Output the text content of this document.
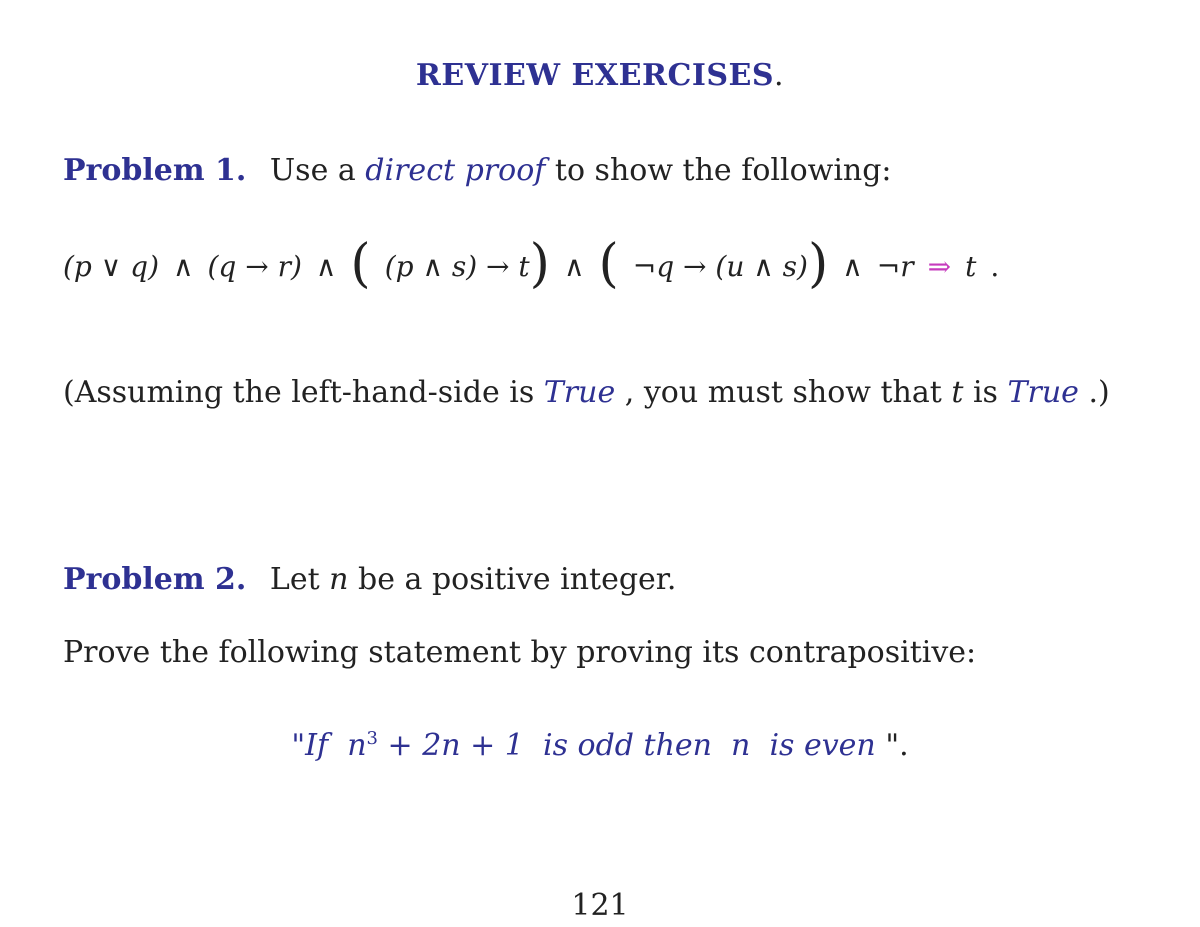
REVIEW EXERCISES.
Problem 1. Use a direct proof to show the following:
(p ∨ q) ∧ (q → r) ∧ ( (p ∧ s) → t ) ∧ ( ¬q → (u ∧ s) ) ∧ ¬r ⇒ t .
(Assuming the left-hand-side is True , you must show that t is True .)
Problem 2. Let n be a positive integer.
Prove the following statement by proving its contrapositive:
"If $n^3 + 2n + 1$ is odd then n is even ".
121
